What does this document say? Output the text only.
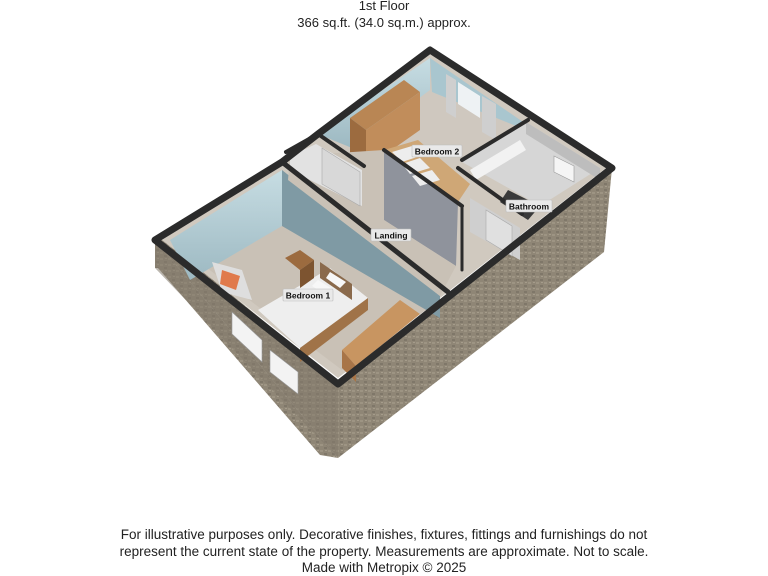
1st Floor
366 sq.ft. (34.0 sq.m.) approx.
Bedroom 1
Bedroom 2
Landing
Bathroom
For illustrative purposes only. Decorative finishes, fixtures, fittings and furnishings do not
represent the current state of the property. Measurements are approximate. Not to scale.
Made with Metropix © 2025
